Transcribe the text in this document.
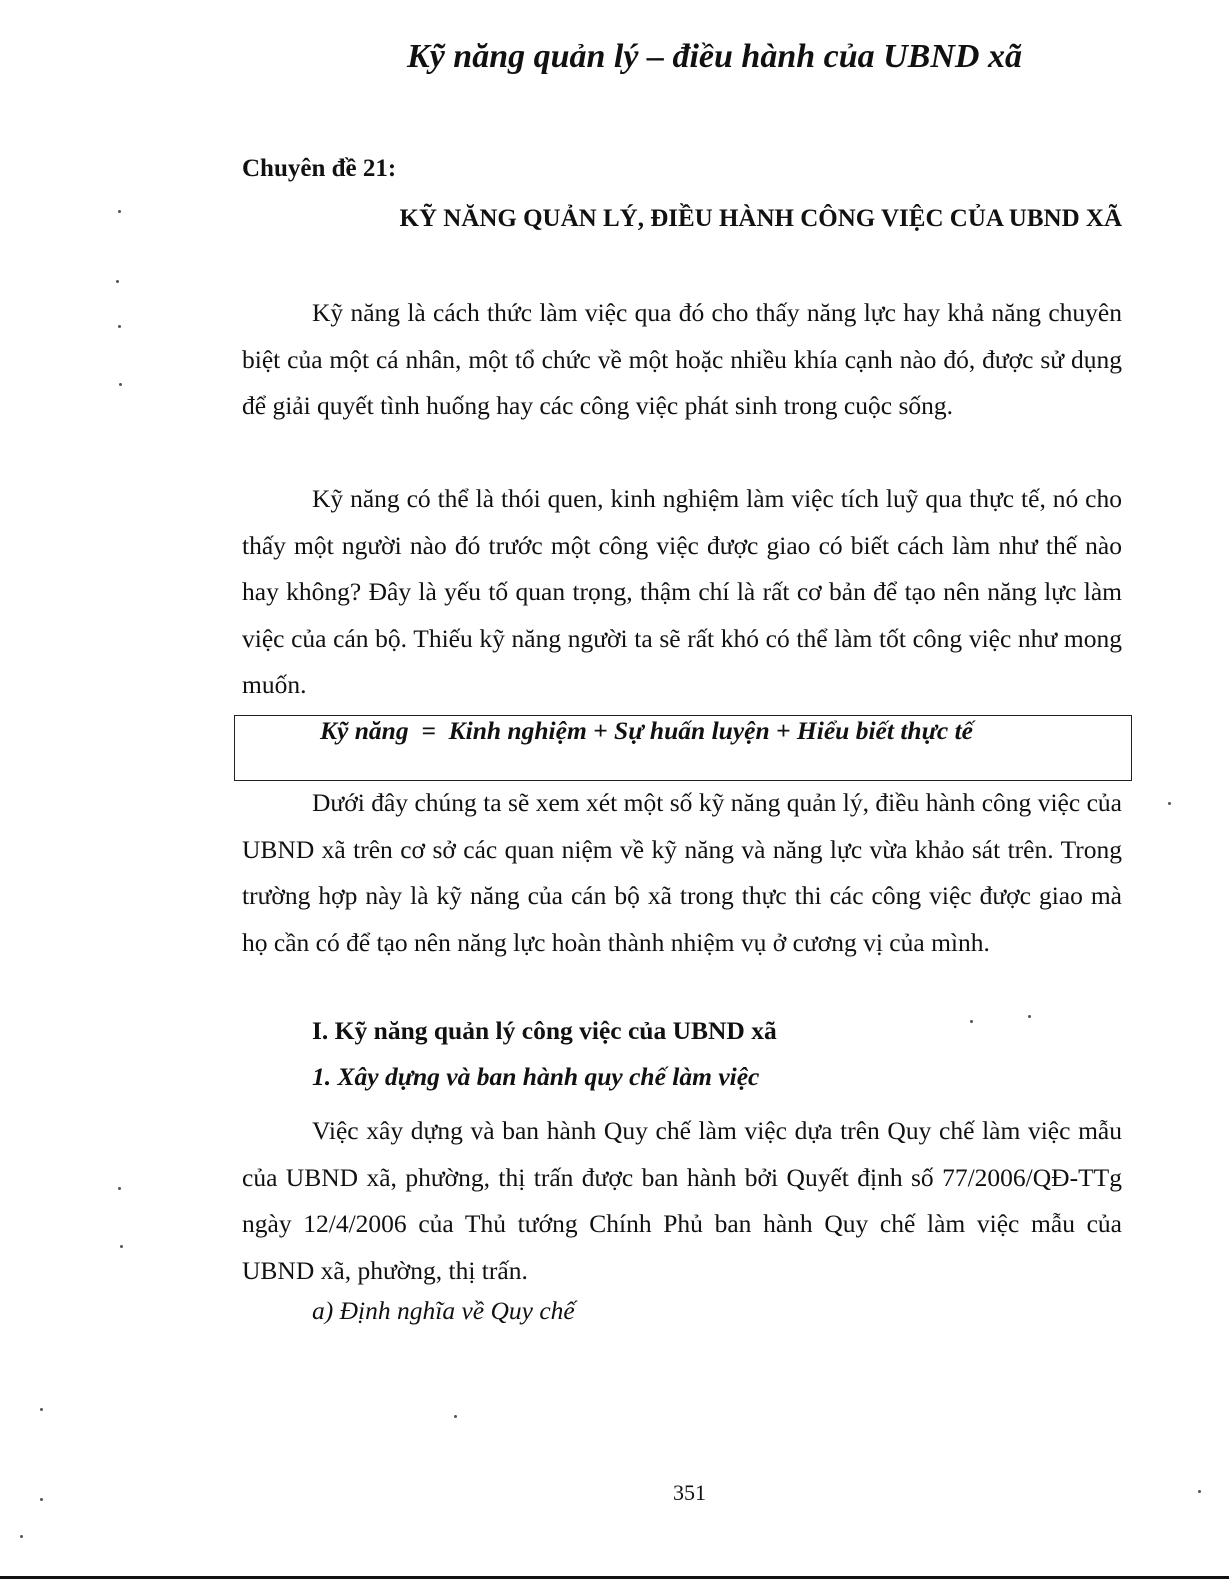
Kỹ năng quản lý – điều hành của UBND xã
Chuyên đề 21:
KỸ NĂNG QUẢN LÝ, ĐIỀU HÀNH CÔNG VIỆC CỦA UBND XÃ

Kỹ năng là cách thức làm việc qua đó cho thấy năng lực hay khả năng chuyên biệt của một cá nhân, một tổ chức về một hoặc nhiều khía cạnh nào đó, được sử dụng để giải quyết tình huống hay các công việc phát sinh trong cuộc sống.

Kỹ năng có thể là thói quen, kinh nghiệm làm việc tích luỹ qua thực tế, nó cho thấy một người nào đó trước một công việc được giao có biết cách làm như thế nào hay không? Đây là yếu tố quan trọng, thậm chí là rất cơ bản để tạo nên năng lực làm việc của cán bộ. Thiếu kỹ năng người ta sẽ rất khó có thể làm tốt công việc như mong muốn.

Kỹ năng  =  Kinh nghiệm + Sự huấn luyện + Hiểu biết thực tế

Dưới đây chúng ta sẽ xem xét một số kỹ năng quản lý, điều hành công việc của UBND xã trên cơ sở các quan niệm về kỹ năng và năng lực vừa khảo sát trên. Trong trường hợp này là kỹ năng của cán bộ xã trong thực thi các công việc được giao mà họ cần có để tạo nên năng lực hoàn thành nhiệm vụ ở cương vị của mình.

I. Kỹ năng quản lý công việc của UBND xã
1. Xây dựng và ban hành quy chế làm việc

Việc xây dựng và ban hành Quy chế làm việc dựa trên Quy chế làm việc mẫu của UBND xã, phường, thị trấn được ban hành bởi Quyết định số 77/2006/QĐ-TTg ngày 12/4/2006 của Thủ tướng Chính Phủ ban hành Quy chế làm việc mẫu của UBND xã, phường, thị trấn.

a) Định nghĩa về Quy chế
351
